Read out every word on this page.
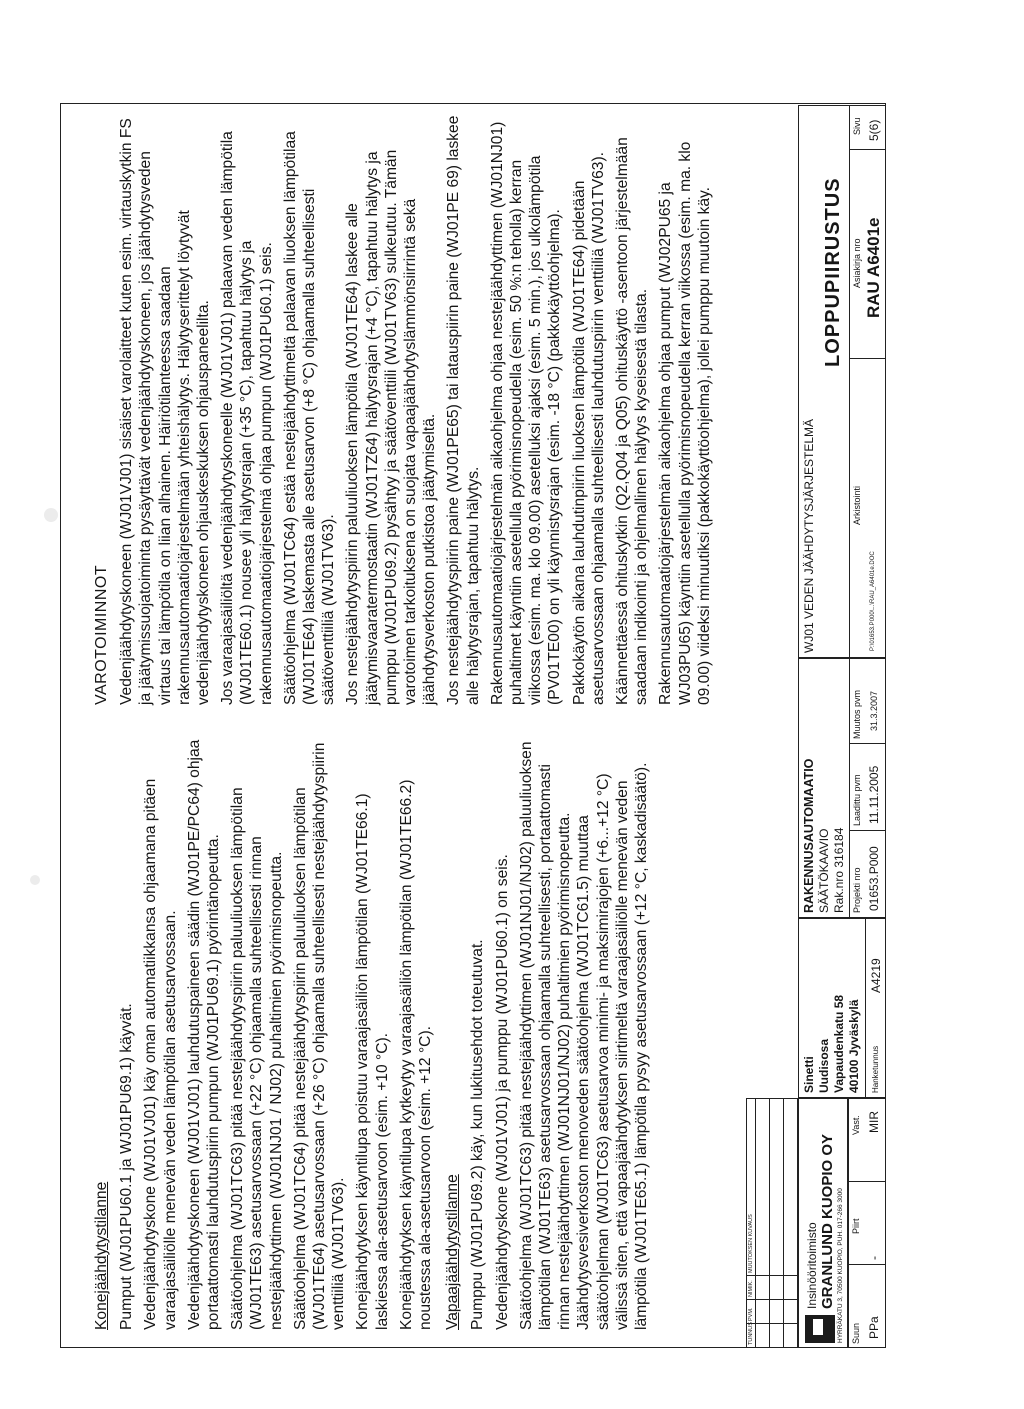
Konejäähdytystilanne Pumput (WJ01PU60.1 ja WJ01PU69.1) käyvät. Vedenjäähdytyskone (WJ01VJ01) käy oman automatiikkansa ohjaamana pitäen varaajasäiliölle menevän veden lämpötilan asetusarvossaan. Vedenjäähdytyskoneen (WJ01VJ01) lauhdutuspaineen säädin (WJ01PE/PC64) ohjaa portaattomasti lauhdutuspiirin pumpun (WJ01PU69.1) pyörintänopeutta. Säätöohjelma (WJ01TC63) pitää nestejäähdytyspiirin paluuliuoksen lämpötilan (WJ01TE63) asetusarvossaan (+22 °C) ohjaamalla suhteellisesti rinnan nestejäähdyttimen (WJ01NJ01 / NJ02) puhaltimien pyörimisnopeutta. Säätöohjelma (WJ01TC64) pitää nestejäähdytyspiirin paluuliuoksen lämpötilan (WJ01TE64) asetusarvossaan (+26 °C) ohjaamalla suhteellisesti nestejäähdytyspiirin venttiiliä (WJ01TV63). Konejäähdytyksen käyntilupa poistuu varaajasäiliön lämpötilan (WJ01TE66.1) laskiessa ala-asetusarvoon (esim. +10 °C). Konejäähdytyksen käyntilupa kytkeytyy varaajasäiliön lämpötilan (WJ01TE66.2) noustessa ala-asetusarvoon (esim. +12 °C). Vapaajäähdytystilanne Pumppu (WJ01PU69.2) käy, kun lukitusehdot toteutuvat. Vedenjäähdytyskone (WJ01VJ01) ja pumppu (WJ01PU60.1) on seis. Säätöohjelma (WJ01TC63) pitää nestejäähdyttimen (WJ01NJ01/NJ02) paluuliuoksen lämpötilan (WJ01TE63) asetusarvossaan ohjaamalla suhteellisesti, portaattomasti rinnan nestejäähdyttimen (WJ01NJ01/NJ02) puhaltimien pyörimisnopeutta. Jäähdytysvesiverkoston menoveden säätöohjelma (WJ01TC61.5) muuttaa säätöohjelman (WJ01TC63) asetusarvoa minimi- ja maksimirajojen (+6...+12 °C) välissä siten, että vapaajäähdytyksen siirtimeltä varaajasäiliölle menevän veden lämpötila (WJ01TE65.1) lämpötila pysyy asetusarvossaan (+12 °C, kaskadisäätö).

VAROTOIMINNOT Vedenjäähdytyskoneen (WJ01VJ01) sisäiset varolaitteet kuten esim. virtauskytkin FS ja jäätymissuojatoiminta pysäyttävät vedenjäähdytyskoneen, jos jäähdytysveden virtaus tai lämpötila on liian alhainen. Häiriötilanteessa saadaan rakennusautomaatiojärjestelmään yhteishälytys. Hälytyserittelyt löytyvät vedenjäähdytyskoneen ohjauskeskuksen ohjauspaneelilta. Jos varaajasäiliöltä vedenjäähdytyskoneelle (WJ01VJ01) palaavan veden lämpötila (WJ01TE60.1) nousee yli hälytysrajan (+35 °C), tapahtuu hälytys ja rakennusautomaatiojärjestelmä ohjaa pumpun (WJ01PU60.1) seis. Säätöohjelma (WJ01TC64) estää nestejäähdyttimeltä palaavan liuoksen lämpötilaa (WJ01TE64) laskemasta alle asetusarvon (+8 °C) ohjaamalla suhteellisesti säätöventtiiliä (WJ01TV63). Jos nestejäähdytyspiirin paluuliuoksen lämpötila (WJ01TE64) laskee alle jäätymisvaaratermostaatin (WJ01TZ64) hälytysrajan (+4 °C), tapahtuu hälytys ja pumppu (WJ01PU69.2) pysähtyy ja säätöventtiili (WJ01TV63) sulkeutuu. Tämän varotoimen tarkoituksena on suojata vapaajäähdytyslämmönsiirrintä sekä jäähdytysverkoston putkistoa jäätymiseltä. Jos nestejäähdytyspiirin paine (WJ01PE65) tai latauspiirin paine (WJ01PE 69) laskee alle hälytysrajan, tapahtuu hälytys. Rakennusautomaatiojärjestelmän aikaohjelma ohjaa nestejäähdyttimen (WJ01NJ01) puhaltimet käyntiin asetellulla pyörimisnopeudella (esim. 50 %:n teholla) kerran viikossa (esim. ma. klo 09.00) asetelluksi ajaksi (esim. 5 min.), jos ulkolämpötila (PV01TE00) on yli käynnistysrajan (esim. -18 °C) (pakkokäyttöohjelma). Pakkokäytön aikana lauhdutinpiirin liuoksen lämpötila (WJ01TE64) pidetään asetusarvossaan ohjaamalla suhteellisesti lauhdutuspiirin venttiiliä (WJ01TV63). Käännettäessä ohituskytkin (Q2,Q04 ja Q05) ohituskäyttö -asentoon järjestelmään saadaan indikointi ja ohjelmallinen hälytys kyseisestä tilasta. Rakennusautomaatiojärjestelmän aikaohjelma ohjaa pumput (WJ02PU65 ja WJ03PU65) käyntiin asetellulla pyörimisnopeudella kerran viikossa (esim. ma. klo 09.00) viideksi minuutiksi (pakkokäyttöohjelma), jollei pumppu muutoin käy.

TUNNUS
PVM.
NIMIK.
MUUTOKSEN KUVAUS	Insinööritoimisto GRANLUND KUOPIO OY HYRRÄKATU 3, 70500 KUOPIO, PUH. 017-266 3000 Suun PPa
Piirt
-
Vast. MIR
Sinetti Uudisosa Vapaudenkatu 58 40100 Jyväskylä Hanketunnus
A4219
RAKENNUSAUTOMAATIO SÄÄTÖKAAVIO Rak.nro 316184 Projekti nro 01653.P000
Laadittu pvm 11.11.2005
Muutos pvm 31.3.2007
WJ01 VEDEN JÄÄHDYTYSJÄRJESTELMÄ
LOPPUPIIRUSTUS
Arkistointi
P:\01653.P000\...\RAU_A6401e.DOC
Asiakirja nro RAU A6401e
Sivu 5(6)
